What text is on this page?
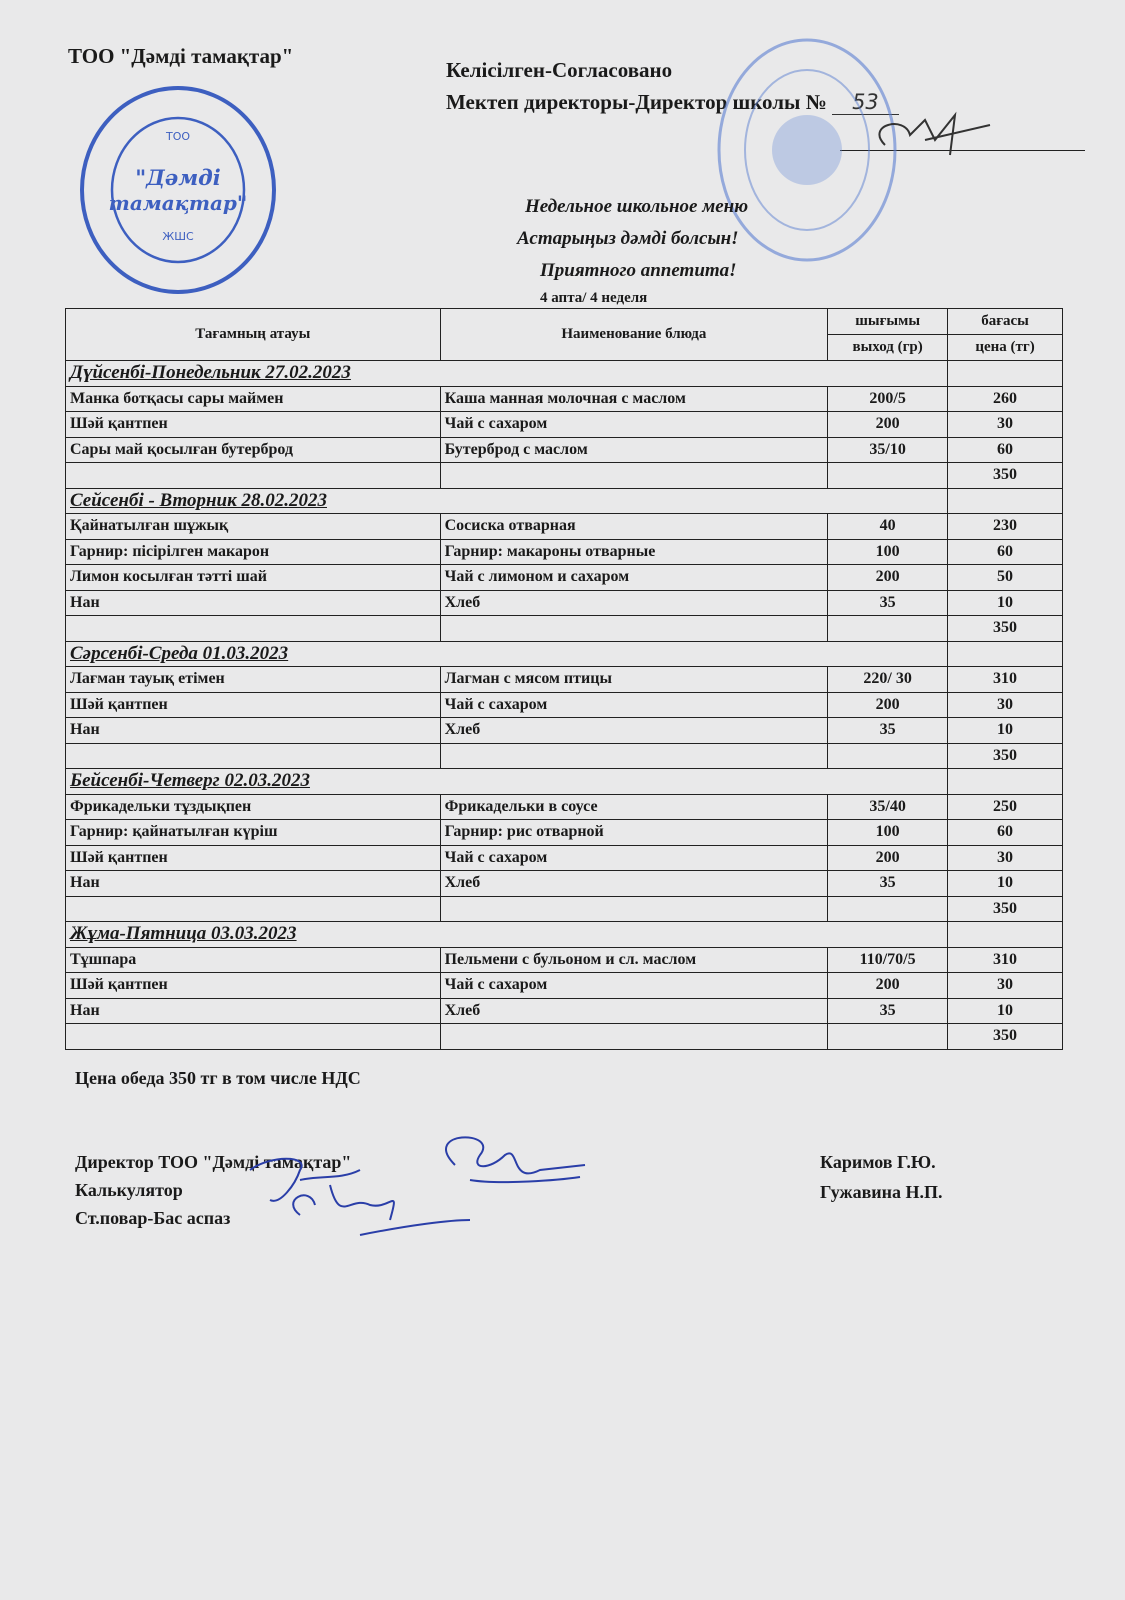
ТОО "Дәмді тамақтар"
Келісілген-Согласовано
Мектеп директоры-Директор школы № 53
ТОО
"Дәмді
тамақтар"
ЖШС
Недельное школьное меню
Астарыңыз дәмді болсын!
Приятного аппетита!
4 апта/ 4 неделя
Тағамның атауы	Наименование блюда	шығымы	бағасы
		выход (гр)	цена (тг)
Дүйсенбі-Понедельник 27.02.2023			
Манка ботқасы сары маймен	Каша манная молочная с маслом	200/5	260
Шәй қантпен	Чай с сахаром	200	30
Сары май қосылған бутерброд	Бутерброд с маслом	35/10	60
			350
Сейсенбі - Вторник 28.02.2023			
Қайнатылған шұжық	Сосиска отварная	40	230
Гарнир: пісірілген макарон	Гарнир: макароны отварные	100	60
Лимон косылған тәтті шай	Чай с лимоном и сахаром	200	50
Нан	Хлеб	35	10
			350
Сәрсенбі-Среда 01.03.2023			
Лағман тауық етімен	Лагман с мясом птицы	220/ 30	310
Шәй қантпен	Чай с сахаром	200	30
Нан	Хлеб	35	10
			350
Бейсенбі-Четверг 02.03.2023			
Фрикадельки тұздықпен	Фрикадельки в соусе	35/40	250
Гарнир: қайнатылған күріш	Гарнир: рис отварной	100	60
Шәй қантпен	Чай с сахаром	200	30
Нан	Хлеб	35	10
			350
Жұма-Пятница 03.03.2023			
Тұшпара	Пельмени с бульоном и сл. маслом	110/70/5	310
Шәй қантпен	Чай с сахаром	200	30
Нан	Хлеб	35	10
			350
Цена обеда 350 тг в том числе НДС
Директор ТОО "Дәмді тамақтар"
Калькулятор
Ст.повар-Бас аспаз
Каримов Г.Ю.
Гужавина Н.П.
